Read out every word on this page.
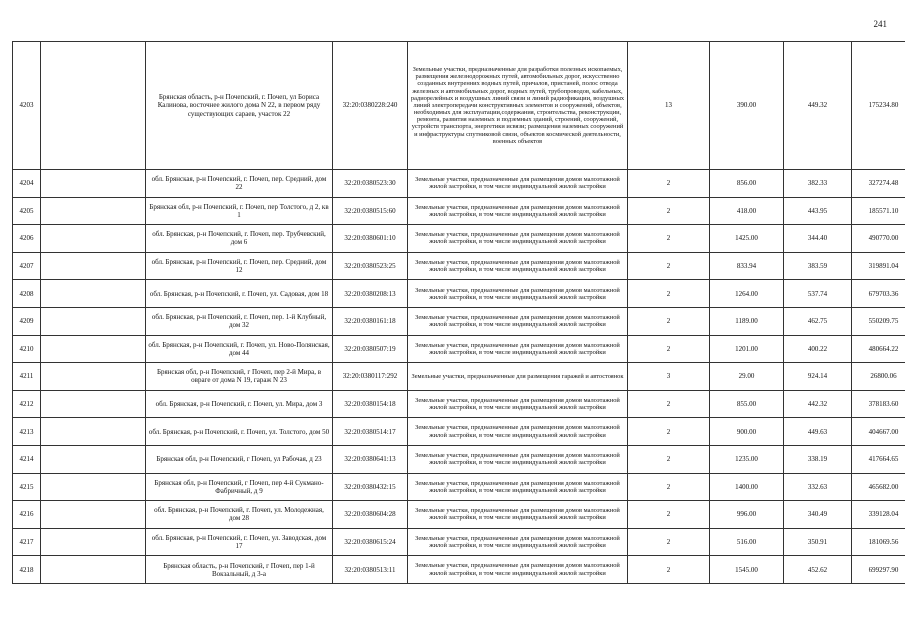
241
4203		Брянская область, р-н Почепский, г. Почеп, ул Бориса Калинова, восточнее жилого дома N 22, в первом ряду существующих сараев, участок 22	32:20:0380228:240	Земельные участки, предназначенные для разработки полезных ископаемых, размещения железнодорожных путей, автомобильных дорог, искусственно созданных внутренних водных путей, причалов, пристаней, полос отвода железных и автомобильных дорог, водных путей, трубопроводов, кабельных, радиорелейных и воздушных линий связи и линий радиофикации, воздушных линий электропередачи конструктивных элементов и сооружений, объектов, необходимых для эксплуатации,содержания, строительства, реконструкции, ремонта, развития наземных и подземных зданий, строений, сооружений, устройств транспорта, энергетики исвязи; размещения наземных сооружений и инфраструктуры спутниковой связи, объектов космической деятельности, военных объектов	13	390.00	449.32	175234.80
4204		обл. Брянская, р-н Почепский, г. Почеп, пер. Средний, дом 22	32:20:0380523:30	Земельные участки, предназначенные для размещения домов малоэтажной жилой застройки, в том числе индивидуальной жилой застройки	2	856.00	382.33	327274.48
4205		Брянская обл, р-н Почепский, г. Почеп, пер Толстого, д 2, кв 1	32:20:0380515:60	Земельные участки, предназначенные для размещения домов малоэтажной жилой застройки, в том числе индивидуальной жилой застройки	2	418.00	443.95	185571.10
4206		обл. Брянская, р-н Почепский, г. Почеп, пер. Трубчевский, дом 6	32:20:0380601:10	Земельные участки, предназначенные для размещения домов малоэтажной жилой застройки, в том числе индивидуальной жилой застройки	2	1425.00	344.40	490770.00
4207		обл. Брянская, р-н Почепский, г. Почеп, пер. Средний, дом 12	32:20:0380523:25	Земельные участки, предназначенные для размещения домов малоэтажной жилой застройки, в том числе индивидуальной жилой застройки	2	833.94	383.59	319891.04
4208		обл. Брянская, р-н Почепский, г. Почеп, ул. Садовая, дом 18	32:20:0380208:13	Земельные участки, предназначенные для размещения домов малоэтажной жилой застройки, в том числе индивидуальной жилой застройки	2	1264.00	537.74	679703.36
4209		обл. Брянская, р-н Почепский, г. Почеп, пер. 1-й Клубный, дом 32	32:20:0380161:18	Земельные участки, предназначенные для размещения домов малоэтажной жилой застройки, в том числе индивидуальной жилой застройки	2	1189.00	462.75	550209.75
4210		обл. Брянская, р-н Почепский, г. Почеп, ул. Ново-Полянская, дом 44	32:20:0380507:19	Земельные участки, предназначенные для размещения домов малоэтажной жилой застройки, в том числе индивидуальной жилой застройки	2	1201.00	400.22	480664.22
4211		Брянская обл, р-н Почепский, г Почеп, пер 2-й Мира, в овраге от дома N 19, гараж N 23	32:20:0380117:292	Земельные участки, предназначенные для размещения гаражей и автостоянок	3	29.00	924.14	26800.06
4212		обл. Брянская, р-н Почепский, г. Почеп, ул. Мира, дом 3	32:20:0380154:18	Земельные участки, предназначенные для размещения домов малоэтажной жилой застройки, в том числе индивидуальной жилой застройки	2	855.00	442.32	378183.60
4213		обл. Брянская, р-н Почепский, г. Почеп, ул. Толстого, дом 50	32:20:0380514:17	Земельные участки, предназначенные для размещения домов малоэтажной жилой застройки, в том числе индивидуальной жилой застройки	2	900.00	449.63	404667.00
4214		Брянская обл, р-н Почепский, г Почеп, ул Рабочая, д 23	32:20:0380641:13	Земельные участки, предназначенные для размещения домов малоэтажной жилой застройки, в том числе индивидуальной жилой застройки	2	1235.00	338.19	417664.65
4215		Брянская обл, р-н Почепский, г Почеп, пер 4-й Сукмано-Фабричный, д 9	32:20:0380432:15	Земельные участки, предназначенные для размещения домов малоэтажной жилой застройки, в том числе индивидуальной жилой застройки	2	1400.00	332.63	465682.00
4216		обл. Брянская, р-н Почепский, г. Почеп, ул. Молодежная, дом 28	32:20:0380604:28	Земельные участки, предназначенные для размещения домов малоэтажной жилой застройки, в том числе индивидуальной жилой застройки	2	996.00	340.49	339128.04
4217		обл. Брянская, р-н Почепский, г. Почеп, ул. Заводская, дом 17	32:20:0380615:24	Земельные участки, предназначенные для размещения домов малоэтажной жилой застройки, в том числе индивидуальной жилой застройки	2	516.00	350.91	181069.56
4218		Брянская область, р-н Почепский, г Почеп, пер 1-й Вокзальный, д 3-а	32:20:0380513:11	Земельные участки, предназначенные для размещения домов малоэтажной жилой застройки, в том числе индивидуальной жилой застройки	2	1545.00	452.62	699297.90
